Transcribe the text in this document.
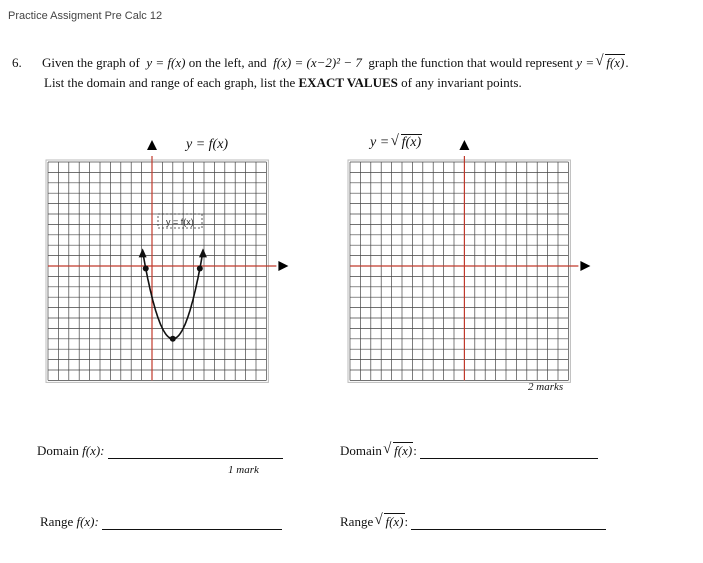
Practice Assigment Pre Calc 12
6. Given the graph of y = f(x) on the left, and f(x) = (x−2)² − 7 graph the function that would represent y = √ f(x).
List the domain and range of each graph, list the EXACT VALUES of any invariant points.
y = f(x)	y = √ f(x)
y = f(x)
2 marks
Domain f(x):
1 mark
Range f(x):
Domain √ f(x):
Range √ f(x):
